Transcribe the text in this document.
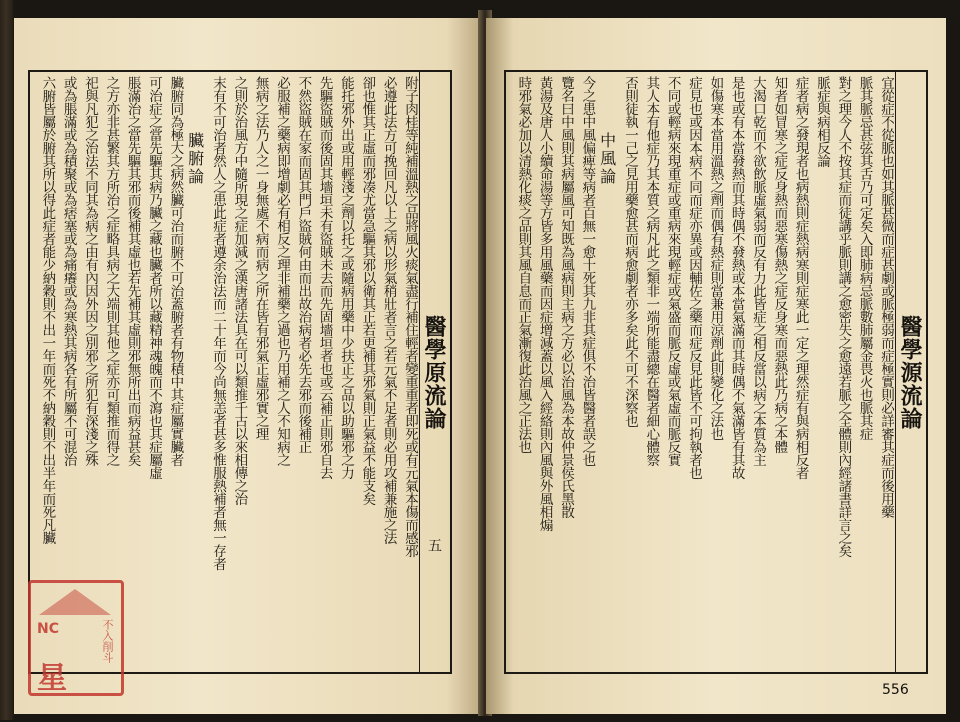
醫學原流論
附子肉桂等純補溫熱之品將風火痰氣盡行補住輕者變重重者即死或有元氣本傷而感邪
必遵此法方可挽回凡以上之病以形氣稍壯者言之若元氣不足者則必用攻補兼施之法
卻也惟其正虛而邪凑尤當急驅其邪以衛其正若更補其邪氣則正氣益不能支矣
能托邪外出或用輕淺之劑以托之或隨病用藥中少扶正之品以助驅邪之力
先驅盜賊而後固其墻垣未有盜賊未去而先固墻垣者也或云補正則邪自去
不然盜賊在家而固其門戶盜賊何由而出故治病者必先去邪而後補正
必服補之藥病即增劇必有相反之理非補藥之過也乃用補之人不知病之
無病之法乃人之一身無處不病而病之所在皆有邪氣正虛邪實之理
之則於治風方中隨所現之症加減之漢唐諸法具在可以類推千古以來相傳之治
末有不可治者然人之患此症者遵余治法而二十年而今尚無恙者甚多惟服熱補者無一存者
臟腑論
臟腑同為極大之病然臟可治而腑不可治蓋腑者有物積中其症屬實臟者
可治症之當先驅其病乃臟之藏也臟者所以藏精神魂魄而不瀉也其症屬虛
脹滿治之當先驅其邪而後補其虛也若先補其虛則邪無所出而病益甚矣
之方亦非甚繁其方所治之症略具病之大端則其他之症亦可類推而得之
祀與凡犯之治法不同其為病之由有內因外因之別邪之所犯有深淺之殊
或為脹滿或為積聚或為痞塞或為痛癢或為寒熱其病各有所屬不可混治
六腑皆屬於腑其所以得此症者能少納穀則不出一年而死不納穀則不出半年而死凡臟
五
醫學源流論
宜從症不從脈也如其脈甚微而症甚劇或脈極弱而症極實則必詳審其症而後用藥
脈其脈忌甚弦其舌乃可定矣入即肺病忌脈數肺屬金畏火也脈其症
對之理今人不按其症而徒講乎脈則講之愈密失之愈遠若脈之全體則內經諸書詳言之矣
脈症與病相反論
症者病之發現者也病熱則症熱病寒則症寒此一定之理然症有與病相反者
知者如冒寒之症反身熱而惡寒傷熱之症反身寒而惡熱此乃病之本體
大渴口乾而不欲飲脈虛氣弱而反有力此皆症之相反當以病之本質為主
是也或有本當發熱而其時偶不發熱或本當氣滿而其時偶不氣滿皆有其故
如傷寒本當用溫熱之劑而偶有熱症則當兼用涼劑此則變化之法也
症見也或因本病不同而症亦異或因輔佐之藥而症反見此皆不可拘執者也
不同或輕病來現重症或重病來現輕症或氣盛而脈反虛或氣虛而脈反實
其人本有他症乃其本質之病凡此之類非一端所能盡總在醫者細心體察
否則徒執一己之見用藥愈甚而病愈劇者亦多矣此不可不深察也
中風論
今之患中風偏痺等病者百無一愈十死其九非其症俱不治皆醫者誤之也
覽名曰中風則其病屬風可知既為風病則主病之方必以治風為本故仲景侯氏黑散
黃湯及唐人小續命湯等方皆多用風藥而因症增減蓋以風入經絡則內風與外風相煽
時邪氣必加以清熱化痰之品則其風自息而正氣漸復此治風之正法也
556
NC
星
不入削斗
